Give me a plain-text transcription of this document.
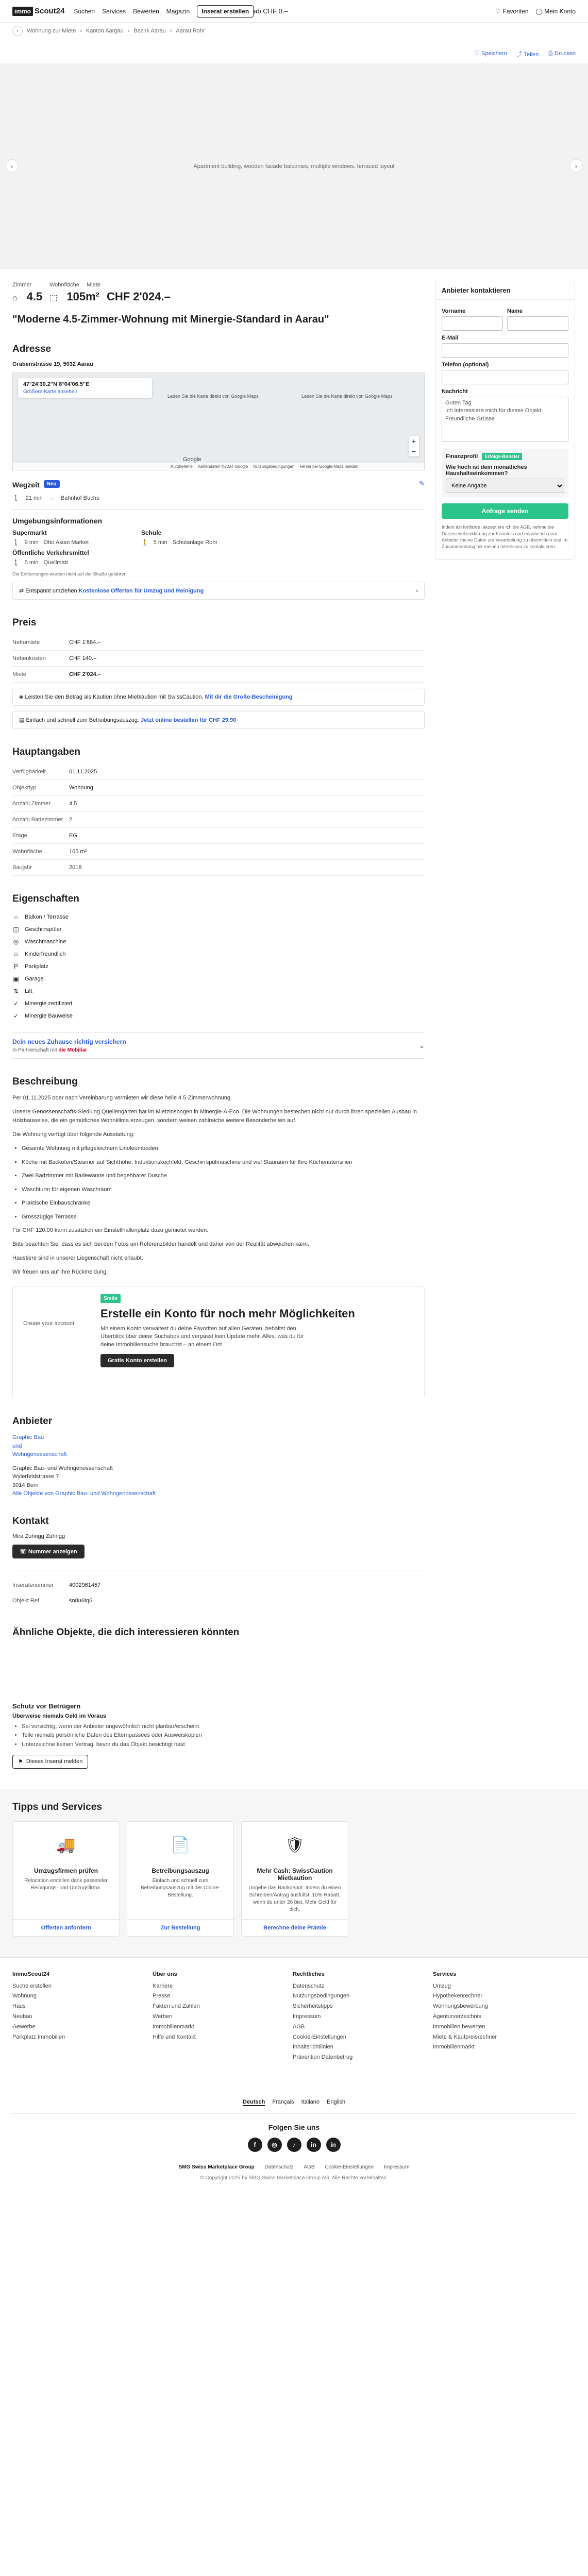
immo Scout24 Suchen Services Bewerten Magazin	Inserat erstellen ab CHF 0.–	♡ Favoriten ◯ Mein Konto
‹	Wohnung zur Miete › Kanton Aargau › Bezirk Aarau › Aarau Rohr
♡ Speichern ⤴ Teilen ⎙ Drucken
‹	Apartment building, wooden facade balconies, multiple windows, terraced layout	›
Zimmer	Wohnfläche Miete
⌂ 4.5 ⬚ 105m² CHF 2'024.–
"Moderne 4.5-Zimmer-Wohnung mit Minergie-Standard in Aarau"
Adresse
Grabenstrasse 19, 5032 Aarau
47°24'30.2"N 8°04'06.5"E
Größere Karte ansehen
Laden Sie die Karte direkt von Google Maps	Laden Sie die Karte direkt von Google Maps
+
−
Google
Kurzbefehle Kartendaten ©2024 Google Nutzungsbedingungen Fehler bei Google Maps melden
Wegzeit	Neu	✎
🚶 21 min → Bahnhof Buchs
Umgebungsinformationen
Supermarkt	Schule
🚶 9 min Otto Asian Market	🚶 5 min Schulanlage Rohr
Öffentliche Verkehrsmittel
🚶 5 min Quellmatt
Die Entfernungen wurden nicht auf der Straße gefahren
⇄ Entspannt umziehen Kostenlose Offerten für Umzug und Reinigung	›
Preis
Nettomiete	CHF 1'884.–
Nebenkosten	CHF 140.–
Miete	CHF 2'024.–
◈ Leisten Sie den Betrag als Kaution ohne Mietkaution mit SwissCaution. Mit dir die Große-Bescheinigung
▤ Einfach und schnell zum Betreibungsauszug: Jetzt online bestellen für CHF 29.90
Hauptangaben
Verfügbarkeit	01.11.2025
Objekttyp	Wohnung
Anzahl Zimmer	4.5
Anzahl Badezimmer	2
Etage	EG
Wohnfläche	105 m²
Baujahr	2018
Eigenschaften
⌂	Balkon / Terrasse
◫ Geschirrspüler
◎ Waschmaschine
☺ Kinderfreundlich
P Parkplatz
▣ Garage
⇅ Lift
✓ Minergie zertifiziert
✓ Minergie Bauweise
Dein neues Zuhause richtig versichern
In Partnerschaft mit die Mobiliar
⌄
Beschreibung

Per 01.11.2025 oder nach Vereinbarung vermieten wir diese helle 4.5-Zimmerwohnung.

Unsere Genossenschafts-Siedlung Quellengarten hat im Mietzinsbogen in Minergie-A-Eco. Die Wohnungen bestechen nicht nur durch ihren speziellen Ausbau in Holzbauweise, die ein gemütliches Wohnklima erzeugen, sondern weisen zahlreiche weitere Besonderheiten auf.

Die Wohnung verfügt über folgende Ausstattung:

• Gesamte Wohnung mit pflegeleichtem Linoleumboden
• Küche mit Backofen/Steamer auf Sichthöhe, Induktionskochfeld, Geschirrspülmaschine und viel Stauraum für Ihre Küchenutensilien
• Zwei Badzimmer mit Badewanne und begehbarer Dusche
• Waschturm für eigenen Waschraum
• Praktische Einbauschränke
• Grosszügige Terrasse

Für CHF 120.00 kann zusätzlich ein Einstellhallenplatz dazu gemietet werden.

Bitte beachten Sie, dass es sich bei den Fotos um Referenzbilder handelt und daher von der Realität abweichen kann.

Haustiere sind in unserer Liegenschaft nicht erlaubt.

Wir freuen uns auf Ihre Rückmeldung.

Create your account!
Smilo
Erstelle ein Konto für noch mehr Möglichkeiten

Mit einem Konto verwaltest du deine Favoriten auf allen Geräten, behältst den Überblick über deine Suchabos und verpasst kein Update mehr. Alles, was du für deine Immobiliensuche brauchst – an einem Ort!

Gratis Konto erstellen
Anbieter
Graphic Bau
und
Wohngenossenschaft
Graphic Bau- und Wohngenossenschaft
Wylerfeldstrasse 7
3014 Bern
Alle Objekte von Graphic Bau- und Wohngenossenschaft
Kontakt
Mira Zuhrigg Zuhrigg
☏ Nummer anzeigen
Inseratenummer	4002961457
Objekt Ref	sn8u6tq6
Anbieter kontaktieren
Vorname	Name
E-Mail
Telefon (optional)
Nachricht
Guten Tag Ich interessiere mich für dieses Objekt. Freundliche Grüsse
Finanzprofil	Erfolgs-Booster
Wie hoch ist dein monatliches Haushaltseinkommen?
Keine Angabe
Anfrage senden
Indem ich fortfahre, akzeptiere ich die AGB, nehme die Datenschutzerklärung zur Kenntnis und erlaube ich dem Anbieter meine Daten zur Verarbeitung zu übermitteln und im Zusammenhang mit meinen Interessen zu kontaktieren.
Ähnliche Objekte, die dich interessieren könnten
Schutz vor Betrügern
Überweise niemals Geld im Voraus
• Sei vorsichtig, wenn der Anbieter ungewöhnlich nicht planbar/erscheint
• Teile niemals persönliche Daten des Elternpassees oder Ausweiskopien
• Unterzeichne keinen Vertrag, bevor du das Objekt besichtigt hast
⚑ Dieses Inserat melden
Tipps und Services
🚚
Umzugsfirmen prüfen
Relocation erstellen dank passender Reinigungs- und Umzugsfirma.
Offerten anfordern
📄
Betreibungsauszug
Einfach und schnell zum Betreibungsauszug mit der Online-Bestellung.
Zur Bestellung
🛡
Mehr Cash: SwissCaution Mietkaution
Ungebe das Bankdepot. Indem du einen Schreiben/Antrag ausfüllst. 10% Rabatt, wenn du unter 26 bist. Mehr Geld für dich.
Berechne deine Prämie
ImmoScout24
Suche erstellen
Wohnung
Haus
Neubau
Gewerbe
Parkplatz Immobilien
Über uns
Karriere
Presse
Fakten und Zahlen
Werben
Immobilienmarkt
Hilfe und Kontakt
Rechtliches
Datenschutz
Nutzungsbedingungen
Sicherheitstipps
Impressum
AGB
Cookie-Einstellungen
Inhaltsrichtlinien
Prävention Datenbetrug
Services
Umzug
Hypothekenrechner
Wohnungsbewerbung
Agenturverzeichnis
Immobilien bewerten
Miete & Kaufpreisrechner
Immobilienmarkt
Deutsch Français Italiano English
Folgen Sie uns
f	◎	♪	in	in
SMG Swiss Marketplace Group Datenschutz AGB Cookie-Einstellungen Impressum
© Copyright 2025 by SMG Swiss Marketplace Group AG. Alle Rechte vorbehalten.
